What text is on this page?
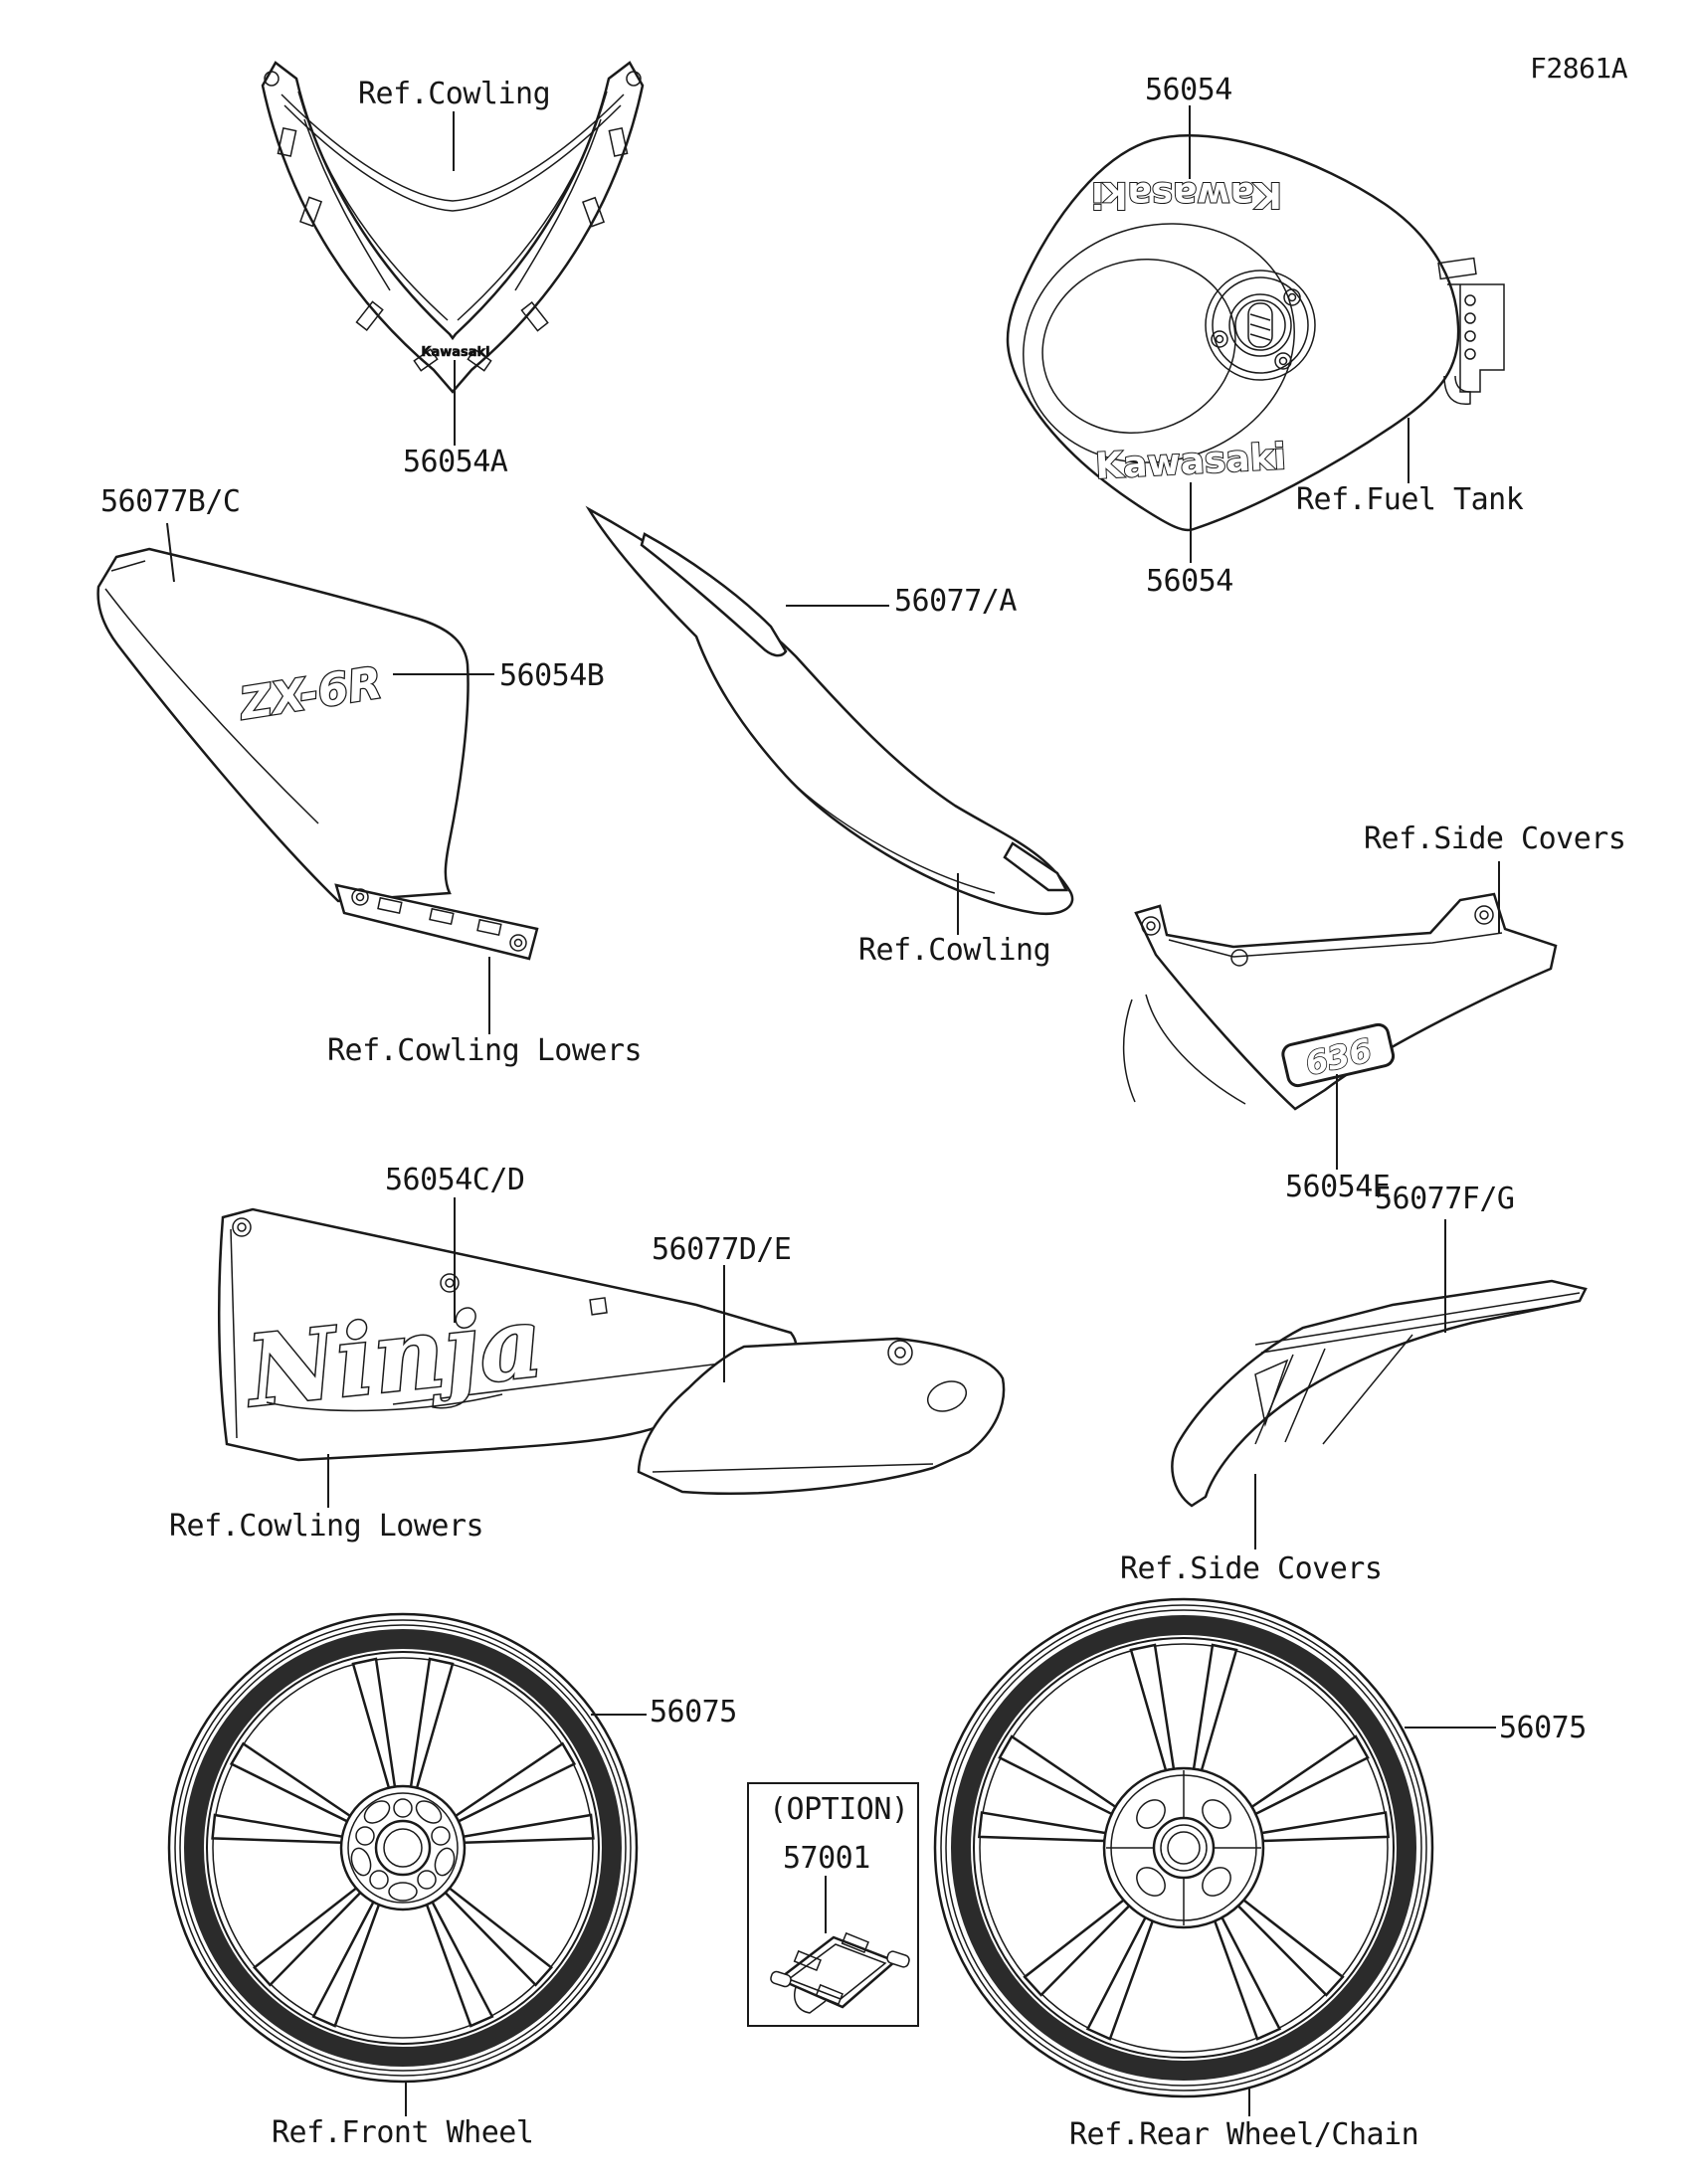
F2861A
Kawasaki
Ref.Cowling
56054A
Kawasaki
Kawasaki
56054
56054
Ref.Fuel Tank
ZX-6R
56077B/C
56054B
Ref.Cowling Lowers
56077/A
Ref.Cowling
636
Ref.Side Covers
56054E
Ninja
56054C/D
56077D/E
Ref.Cowling Lowers
56077F/G
Ref.Side Covers
56075
Ref.Front Wheel
(OPTION)
57001
56075
Ref.Rear Wheel/Chain
